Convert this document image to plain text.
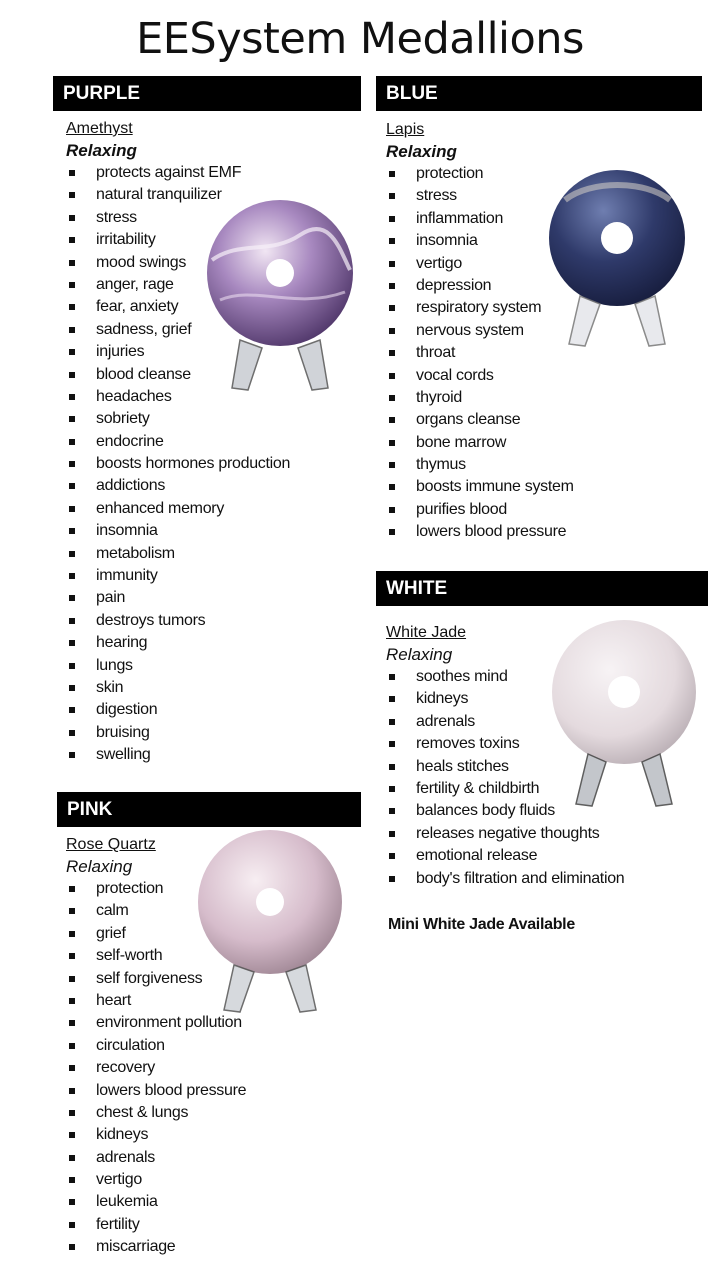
EESystem Medallions
PURPLE
Amethyst
Relaxing
protects against EMF
natural tranquilizer
stress
irritability
mood swings
anger, rage
fear, anxiety
sadness, grief
injuries
blood cleanse
headaches
sobriety
endocrine
boosts hormones production
addictions
enhanced memory
insomnia
metabolism
immunity
pain
destroys tumors
hearing
lungs
skin
digestion
bruising
swelling
PINK
Rose Quartz
Relaxing
protection
calm
grief
self-worth
self forgiveness
heart
environment pollution
circulation
recovery
lowers blood pressure
chest & lungs
kidneys
adrenals
vertigo
leukemia
fertility
miscarriage
BLUE
Lapis
Relaxing
protection
stress
inflammation
insomnia
vertigo
depression
respiratory system
nervous system
throat
vocal cords
thyroid
organs cleanse
bone marrow
thymus
boosts immune system
purifies blood
lowers blood pressure
WHITE
White Jade
Relaxing
soothes mind
kidneys
adrenals
removes toxins
heals stitches
fertility & childbirth
balances body fluids
releases negative thoughts
emotional release
body's filtration and elimination
Mini White Jade Available
